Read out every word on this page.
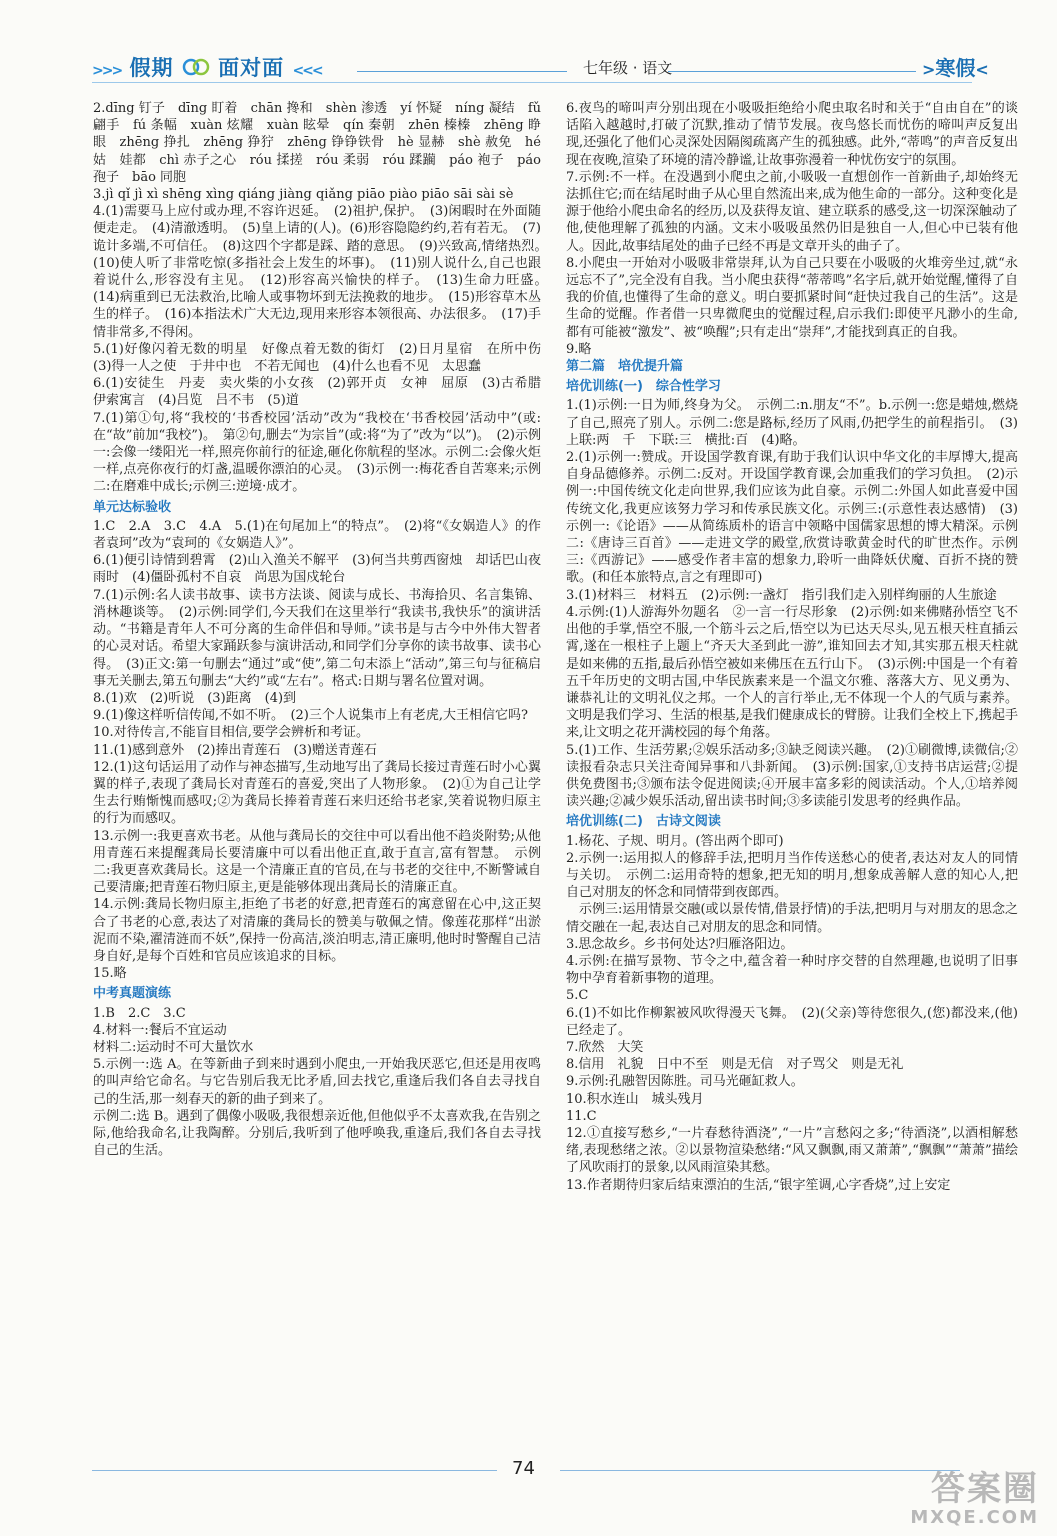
>>> 假期 面对面 <<<	七年级 · 语文	>寒假<

2.dīng 钉子　dīng 盯着　chān 搀和　shèn 渗透　yí 怀疑　níng 凝结　fǔ 翩手　fú 条幅　xuàn 炫耀　xuàn 眩晕　qín 秦朝　zhēn 榛榛　zhēng 睁眼　zhēng 挣扎　zhēng 狰狞　zhēng 铮铮铁骨　hè 显赫　shè 赦免　hé 姑　娃都　chì 赤子之心　róu 揉搓　róu 柔弱　róu 蹂躏　páo 袍子　páo 孢子　bāo 同胞

3.jì qǐ jì xì shēng xìng qiáng jiàng qiǎng piāo piào piāo sāi sài sè

4.(1)需要马上应付或办理,不容许迟延。　(2)祖护,保护。　(3)闲暇时在外面随便走走。　(4)清澈透明。　(5)皇上请的(人)。(6)形容隐隐约约,若有若无。　(7)诡计多端,不可信任。　(8)这四个字都是踩、踏的意思。　(9)兴致高,情绪热烈。　(10)使人听了非常吃惊(多指社会上发生的坏事)。　(11)别人说什么,自己也跟着说什么,形容没有主见。　(12)形容高兴愉快的样子。　(13)生命力旺盛。　(14)病重到已无法救治,比喻人或事物坏到无法挽救的地步。　(15)形容草木丛生的样子。　(16)本指法术广大无边,现用来形容本领很高、办法很多。　(17)手情非常多,不得闲。

5.(1)好像闪着无数的明星　好像点着无数的街灯　(2)日月星宿　在所中伤　(3)得一人之使　于井中也　不若无闻也　(4)什么也看不见　太思蠢

6.(1)安徒生　丹麦　卖火柴的小女孩　(2)郭开贞　女神　屈原　(3)古希腊　伊索寓言　(4)吕览　吕不韦　(5)道

7.(1)第①句,将“我校的‘书香校园’活动”改为“我校在‘书香校园’活动中”(或:在“故”前加“我校”)。　第②句,删去“为宗旨”(或:将“为了”改为“以”)。　(2)示例一:会像一缕阳光一样,照亮你前行的征途,砸化你航程的坚冰。示例二:会像火炬一样,点亮你夜行的灯盏,温暖你漂泊的心灵。　(3)示例一:梅花香自苦寒来;示例二:在磨难中成长;示例三:逆境·成才。

单元达标验收

1.C　2.A　3.C　4.A　5.(1)在句尾加上“的特点”。　(2)将“《女娲造人》的作者袁珂”改为“袁珂的《女娲造人》”。

6.(1)便引诗情到碧霄　(2)山入渔关不解平　(3)何当共剪西窗烛　却话巴山夜雨时　(4)僵卧孤村不自哀　尚思为国戍轮台

7.(1)示例:名人读书故事、读书方法谈、阅读与成长、书海拾贝、名言集锦、消林趣谈等。　(2)示例:同学们,今天我们在这里举行“我读书,我快乐”的演讲活动。“书籍是青年人不可分离的生命伴侣和导师。”读书是与古今中外伟大智者的心灵对话。希望大家踊跃参与演讲活动,和同学们分享你的读书故事、读书心得。　(3)正文:第一句删去“通过”或“使”,第二句末添上“活动”,第三句与征稿启事无关删去,第五句删去“大约”或“左右”。格式:日期与署名位置对调。

8.(1)欢　(2)听说　(3)距离　(4)到

9.(1)像这样听信传闻,不如不听。　(2)三个人说集市上有老虎,大王相信它吗?

10.对待传言,不能盲目相信,要学会辨析和考证。

11.(1)感到意外　(2)捧出青莲石　(3)赠送青莲石

12.(1)这句话运用了动作与神态描写,生动地写出了龚局长接过青莲石时小心翼翼的样子,表现了龚局长对青莲石的喜爱,突出了人物形象。　(2)①为自己让学生去行贿惭愧而感叹;②为龚局长捧着青莲石来归还给书老家,笑着说物归原主的行为而感叹。

13.示例一:我更喜欢书老。从他与龚局长的交往中可以看出他不趋炎附势;从他用青莲石来提醒龚局长要清廉中可以看出他正直,敢于直言,富有智慧。　示例二:我更喜欢龚局长。这是一个清廉正直的官员,在与书老的交往中,不断警诫自己要清廉;把青莲石物归原主,更是能够体现出龚局长的清廉正直。

14.示例:龚局长物归原主,拒绝了书老的好意,把青莲石的寓意留在心中,这正契合了书老的心意,表达了对清廉的龚局长的赞美与敬佩之情。像莲花那样“出淤泥而不染,濯清涟而不妖”,保持一份高洁,淡泊明志,清正廉明,他时时警醒自己洁身自好,是每个百姓和官员应该追求的目标。

15.略

中考真题演练

1.B　2.C　3.C

4.材料一:餐后不宜运动

材料二:运动时不可大量饮水

5.示例一:选 A。在等新曲子到来时遇到小爬虫,一开始我厌恶它,但还是用夜鸣的叫声给它命名。与它告别后我无比矛盾,回去找它,重逢后我们各自去寻找自己的生活,那一刻春天的新的曲子到来了。

示例二:选 B。遇到了偶像小吸吸,我很想亲近他,但他似乎不太喜欢我,在告别之际,他给我命名,让我陶醉。分别后,我听到了他呼唤我,重逢后,我们各自去寻找自己的生活。

6.夜鸟的啼叫声分别出现在小吸吸拒绝给小爬虫取名时和关于“自由自在”的谈话陷入越越时,打破了沉默,推动了情节发展。夜鸟悠长而忧伤的啼叫声反复出现,还强化了他们心灵深处因隔阂疏离产生的孤独感。此外,“蒂鸣”的声音反复出现在夜晚,渲染了环境的清冷静谧,让故事弥漫着一种忧伤安宁的氛围。

7.示例:不一样。在没遇到小爬虫之前,小吸吸一直想创作一首新曲子,却始终无法抓住它;而在结尾时曲子从心里自然流出来,成为他生命的一部分。这种变化是源于他给小爬虫命名的经历,以及获得友谊、建立联系的感受,这一切深深触动了他,使他理解了孤独的内涵。文末小吸吸虽然仍旧是独自一人,但心中已装有他人。因此,故事结尾处的曲子已经不再是文章开头的曲子了。

8.小爬虫一开始对小吸吸非常崇拜,认为自己只要在小吸吸的火堆旁坐过,就“永远忘不了”,完全没有自我。当小爬虫获得“蒂蒂鸣”名字后,就开始觉醒,懂得了自我的价值,也懂得了生命的意义。明白要抓紧时间“赶快过我自己的生活”。这是生命的觉醒。作者借一只卑微爬虫的觉醒过程,启示我们:即使平凡渺小的生命,都有可能被“激发”、被“唤醒”;只有走出“崇拜”,才能找到真正的自我。

9.略

第二篇　培优提升篇

培优训练(一)　综合性学习

1.(1)示例:一日为师,终身为父。　示例二:n.朋友“不”。b.示例一:您是蜡烛,燃烧了自己,照亮了别人。示例二:您是路标,经历了风雨,仍把学生的前程指引。　(3)上联:两　千　下联:三　横批:百　(4)略。

2.(1)示例一:赞成。开设国学教育课,有助于我们认识中华文化的丰厚博大,提高自身品德修养。示例二:反对。开设国学教育课,会加重我们的学习负担。　(2)示例一:中国传统文化走向世界,我们应该为此自豪。示例二:外国人如此喜爱中国传统文化,我更应该努力学习和传承民族文化。示例三:(示意性表达感情)　(3)示例一:《论语》——从简练质朴的语言中领略中国儒家思想的博大精深。示例二:《唐诗三百首》——走进文学的殿堂,欣赏诗歌黄金时代的旷世杰作。示例三:《西游记》——感受作者丰富的想象力,聆听一曲降妖伏魔、百折不挠的赞歌。(和任本旅特点,言之有理即可)

3.(1)材料三　材料五　(2)示例:一盏灯　指引我们走入别样绚丽的人生旅途

4.示例:(1)人游海外勿题名　②一言一行尽形象　(2)示例:如来佛赌孙悟空飞不出他的手掌,悟空不服,一个筋斗云之后,悟空以为已达天尽头,见五根天柱直插云霄,遂在一根柱子上题上“齐天大圣到此一游”,谁知回去才知,其实那五根天柱就是如来佛的五指,最后孙悟空被如来佛压在五行山下。　(3)示例:中国是一个有着五千年历史的文明古国,中华民族素来是一个温文尔雅、落落大方、见义勇为、谦恭礼让的文明礼仪之邦。一个人的言行举止,无不体现一个人的气质与素养。文明是我们学习、生活的根基,是我们健康成长的臂膀。让我们全校上下,携起手来,让文明之花开满校园的每个角落。

5.(1)工作、生活劳累;②娱乐活动多;③缺乏阅读兴趣。　(2)①刷微博,读微信;②读报看杂志只关注奇闻异事和八卦新闻。　(3)示例:国家,①支持书店运营;②提供免费图书;③颁布法令促进阅读;④开展丰富多彩的阅读活动。个人,①培养阅读兴趣;②减少娱乐活动,留出读书时间;③多读能引发思考的经典作品。

培优训练(二)　古诗文阅读

1.杨花、子规、明月。(答出两个即可)

2.示例一:运用拟人的修辞手法,把明月当作传送愁心的使者,表达对友人的同情与关切。　示例二:运用奇特的想象,把无知的明月,想象成善解人意的知心人,把自己对朋友的怀念和同情带到夜郎西。

　示例三:运用情景交融(或以景传情,借景抒情)的手法,把明月与对朋友的思念之情交融在一起,表达自己对朋友的思念和同情。

3.思念故乡。乡书何处达?归雁洛阳边。

4.示例:在描写景物、节令之中,蕴含着一种时序交替的自然理趣,也说明了旧事物中孕育着新事物的道理。

5.C

6.(1)不如比作柳絮被风吹得漫天飞舞。　(2)(父亲)等待您很久,(您)都没来,(他)已经走了。

7.欣然　大笑

8.信用　礼貌　日中不至　则是无信　对子骂父　则是无礼

9.示例:孔融智因陈胜。司马光砸缸救人。

10.积水连山　城头残月

11.C

12.①直接写愁乡,“一片春愁待酒浇”,“一片”言愁闷之多;“待酒浇”,以酒相解愁绪,表现愁绪之浓。②以景物渲染愁绪:“风又飘飘,雨又萧萧”,“飘飘”“萧萧”描绘了风吹雨打的景象,以风雨渲染其愁。

13.作者期待归家后结束漂泊的生活,“银字笙调,心字香烧”,过上安定

74
答案圈
MXQE.COM
